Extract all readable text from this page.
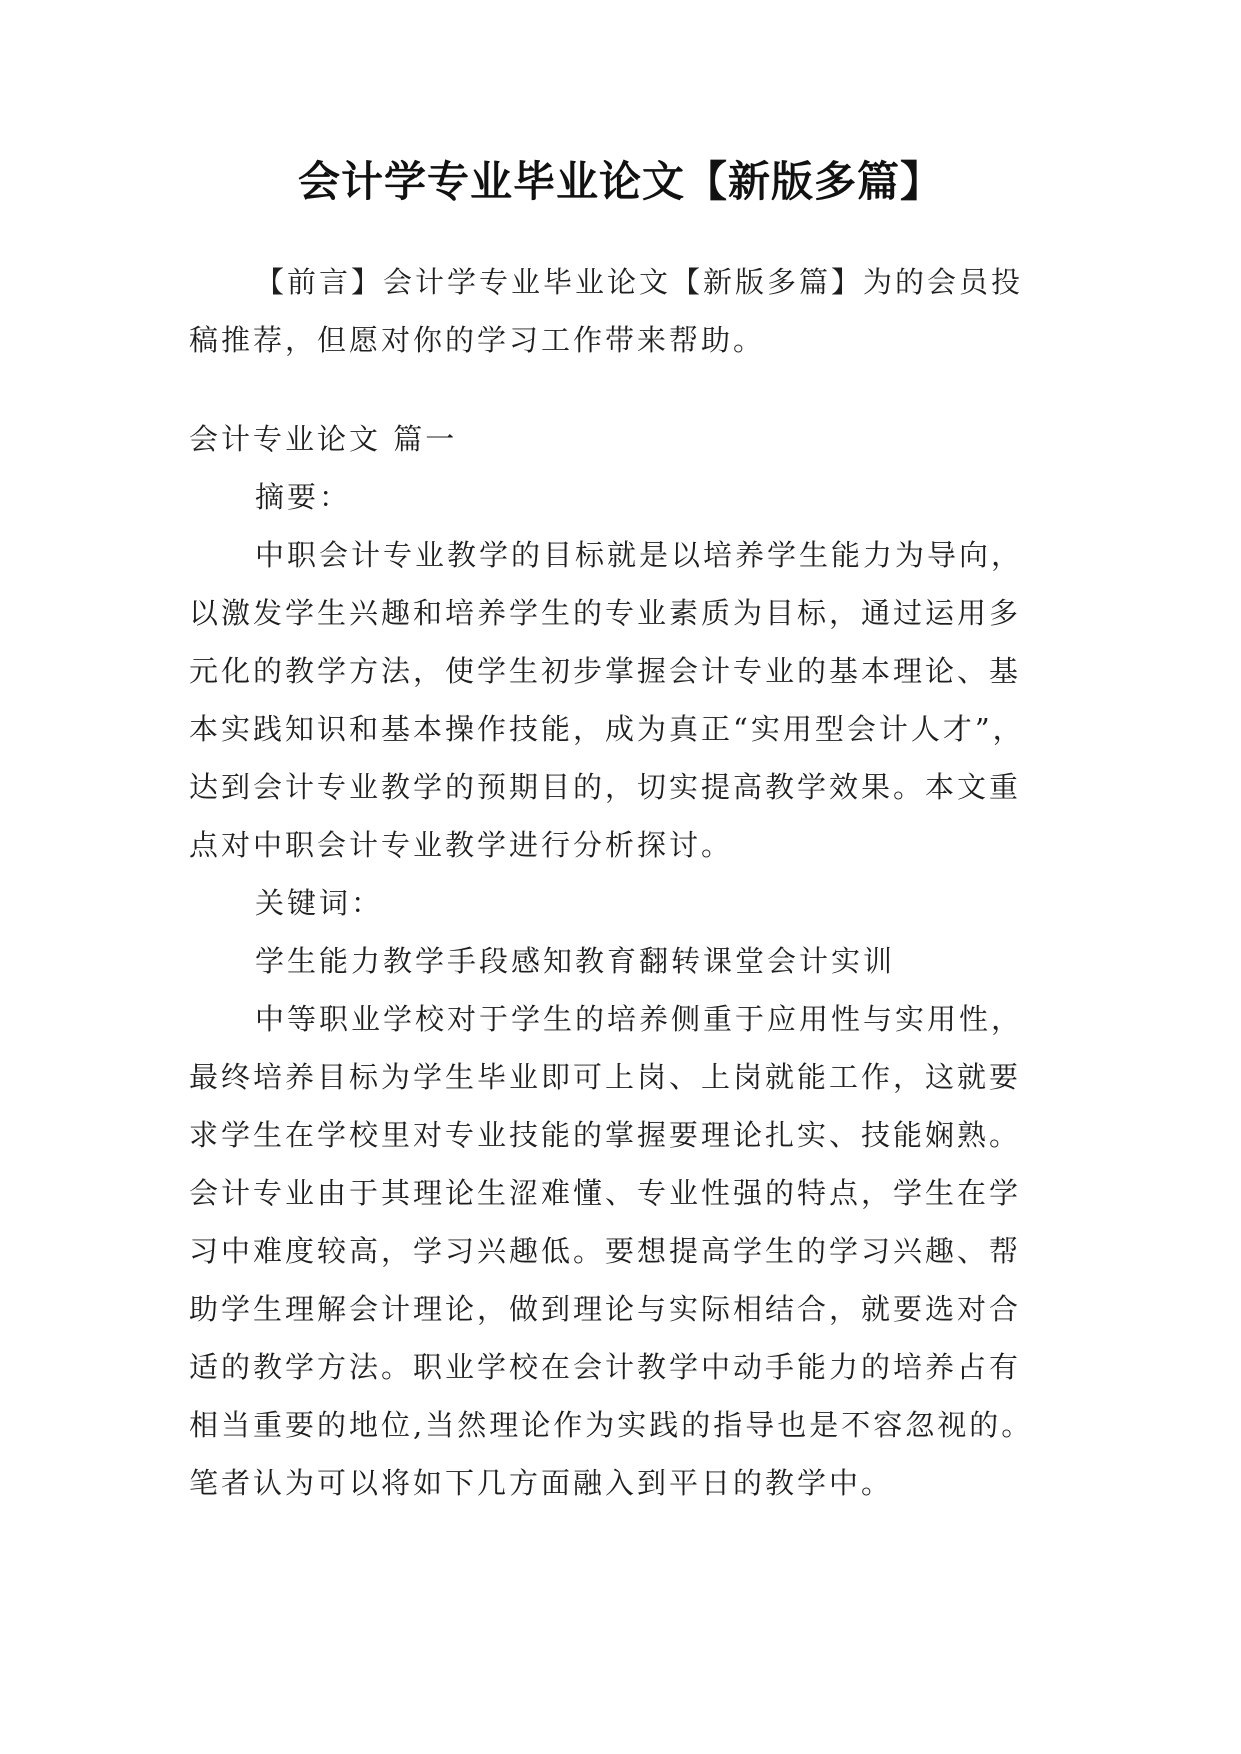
会计学专业毕业论文【新版多篇】
【前言】会计学专业毕业论文【新版多篇】为的会员投
稿推荐，但愿对你的学习工作带来帮助。
会计专业论文 篇一
摘要：
中职会计专业教学的目标就是以培养学生能力为导向，
以激发学生兴趣和培养学生的专业素质为目标，通过运用多
元化的教学方法，使学生初步掌握会计专业的基本理论、基
本实践知识和基本操作技能，成为真正“实用型会计人才”，
达到会计专业教学的预期目的，切实提高教学效果。本文重
点对中职会计专业教学进行分析探讨。
关键词：
学生能力教学手段感知教育翻转课堂会计实训
中等职业学校对于学生的培养侧重于应用性与实用性，
最终培养目标为学生毕业即可上岗、上岗就能工作，这就要
求学生在学校里对专业技能的掌握要理论扎实、技能娴熟。
会计专业由于其理论生涩难懂、专业性强的特点，学生在学
习中难度较高，学习兴趣低。要想提高学生的学习兴趣、帮
助学生理解会计理论，做到理论与实际相结合，就要选对合
适的教学方法。职业学校在会计教学中动手能力的培养占有
相当重要的地位,当然理论作为实践的指导也是不容忽视的。
笔者认为可以将如下几方面融入到平日的教学中。
